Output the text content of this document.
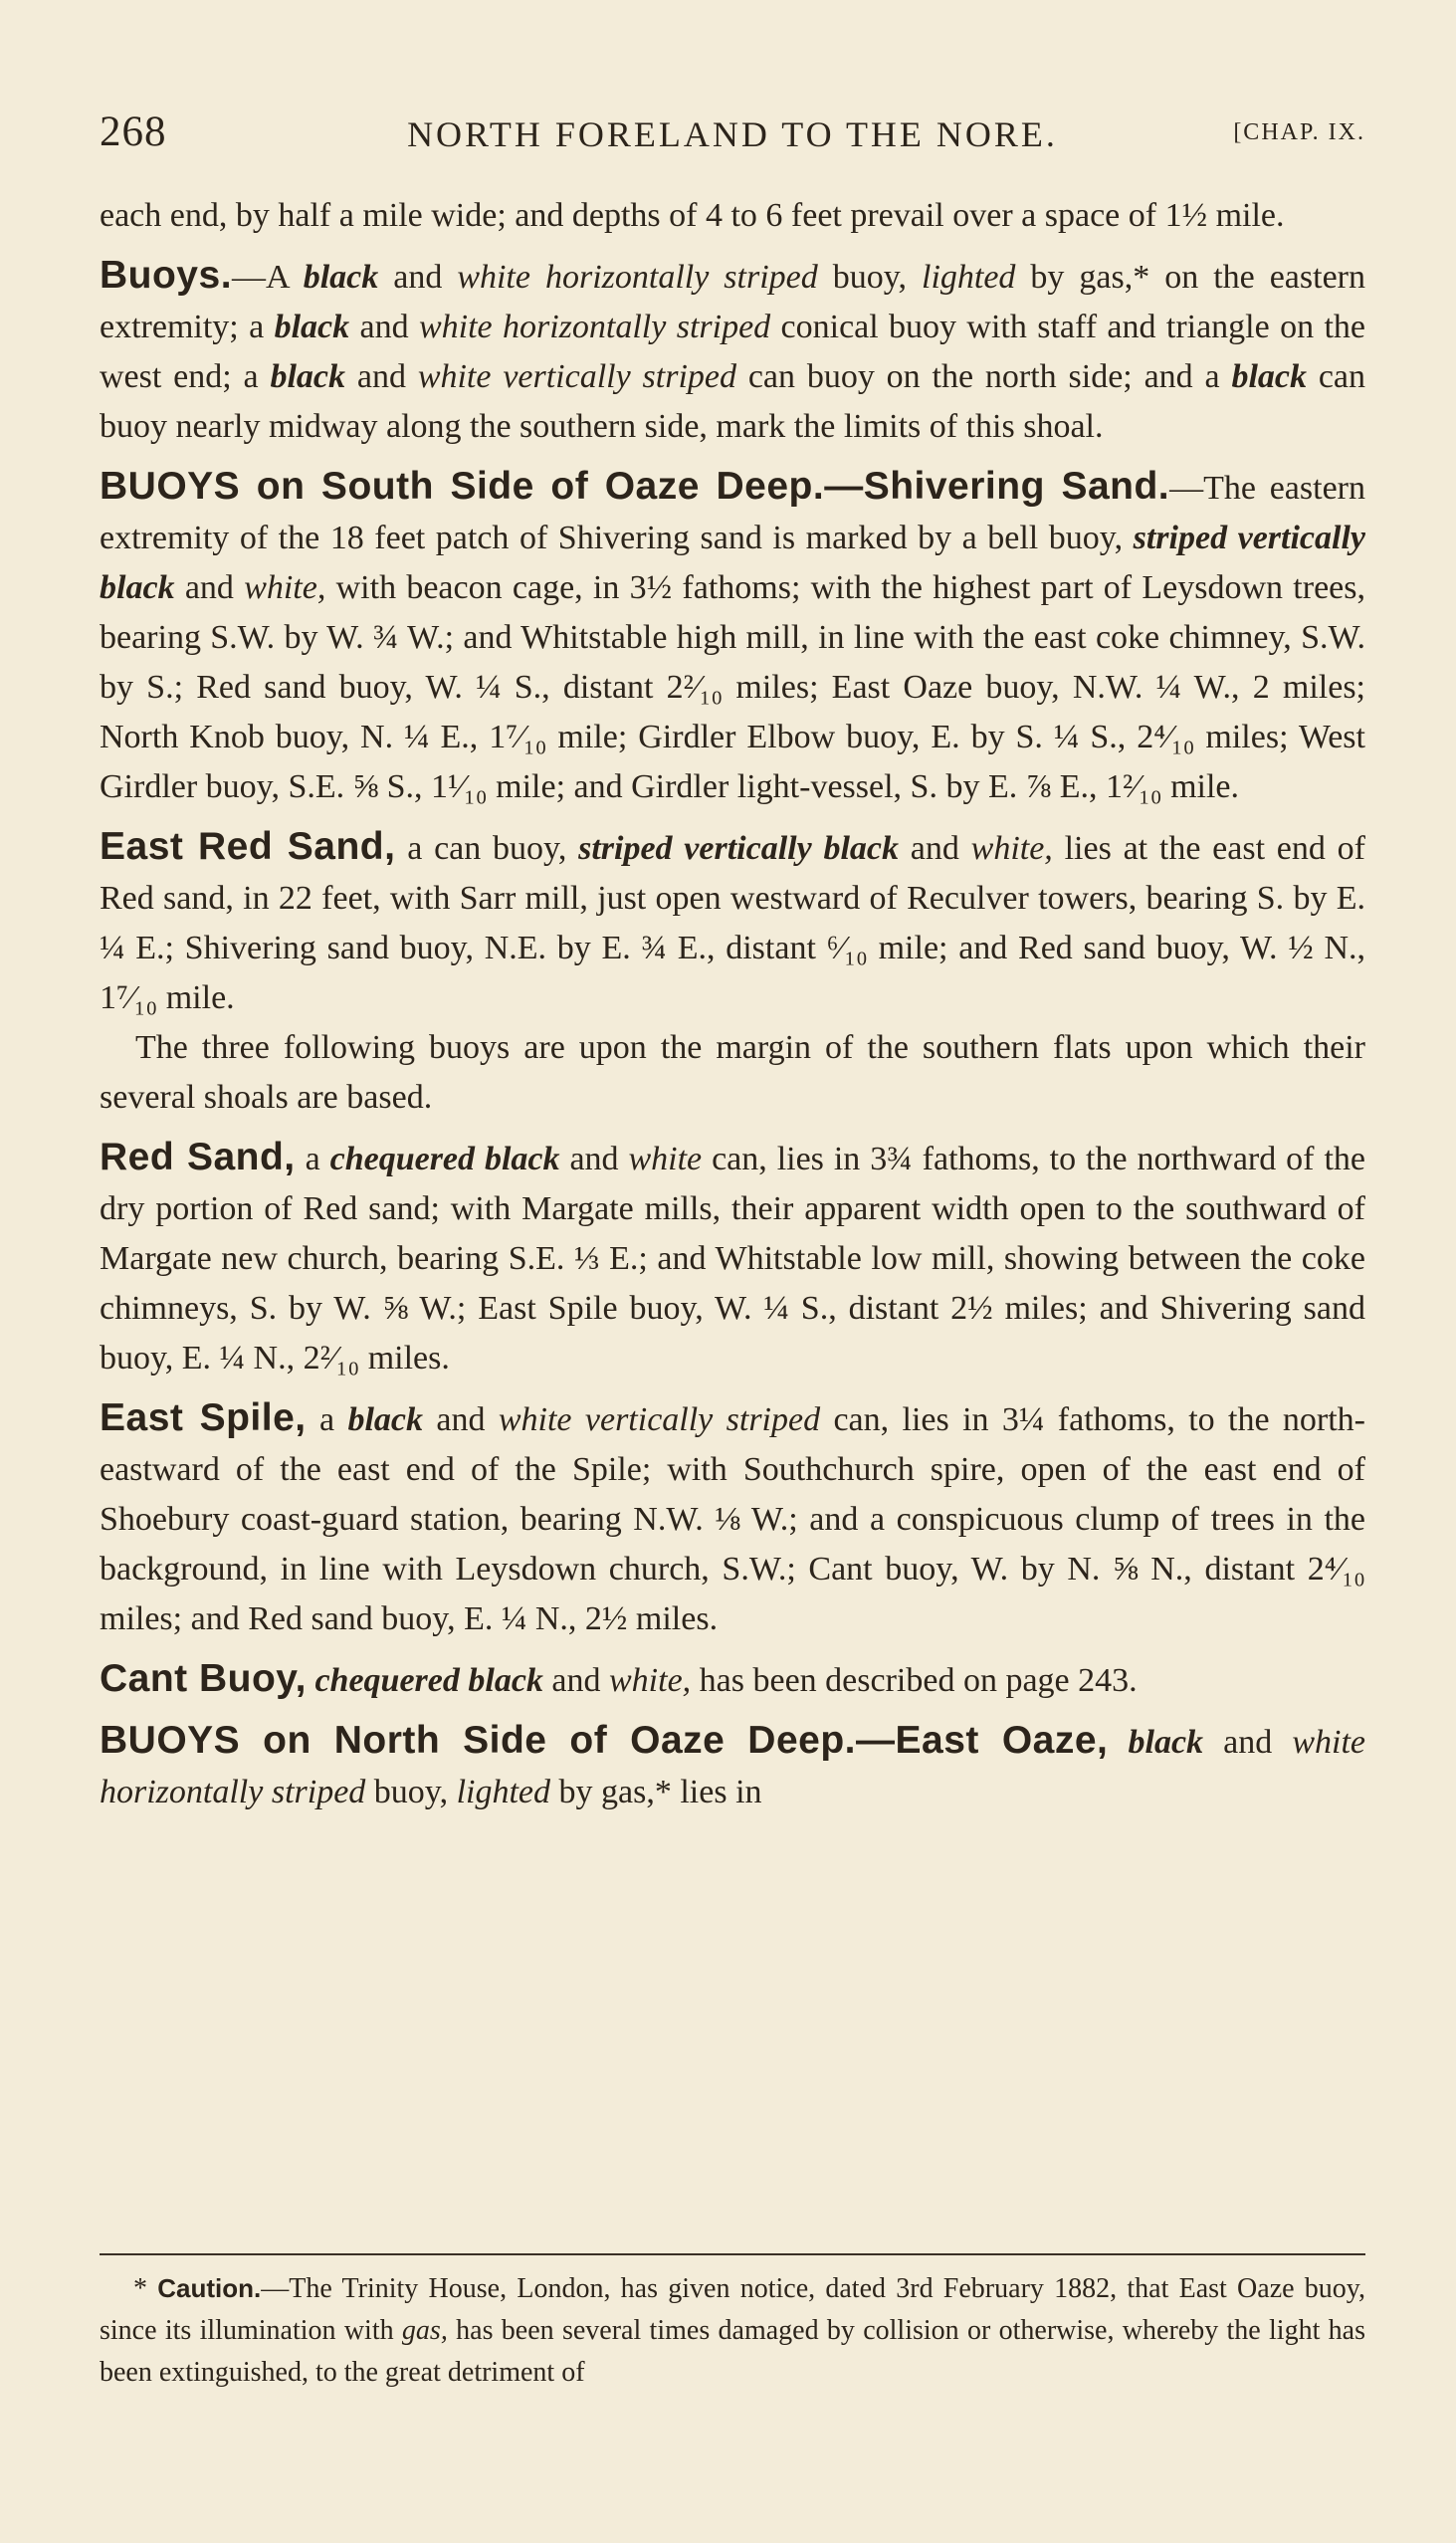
268	NORTH FORELAND TO THE NORE.	[CHAP. IX.

each end, by half a mile wide; and depths of 4 to 6 feet prevail over a space of 1½ mile.

Buoys.—A black and white horizontally striped buoy, lighted by gas,* on the eastern extremity; a black and white horizontally striped conical buoy with staff and triangle on the west end; a black and white vertically striped can buoy on the north side; and a black can buoy nearly midway along the southern side, mark the limits of this shoal.

BUOYS on South Side of Oaze Deep.—Shivering Sand.—The eastern extremity of the 18 feet patch of Shivering sand is marked by a bell buoy, striped vertically black and white, with beacon cage, in 3½ fathoms; with the highest part of Leysdown trees, bearing S.W. by W. ¾ W.; and Whitstable high mill, in line with the east coke chimney, S.W. by S.; Red sand buoy, W. ¼ S., distant 2²⁄₁₀ miles; East Oaze buoy, N.W. ¼ W., 2 miles; North Knob buoy, N. ¼ E., 1⁷⁄₁₀ mile; Girdler Elbow buoy, E. by S. ¼ S., 2⁴⁄₁₀ miles; West Girdler buoy, S.E. ⅝ S., 1¹⁄₁₀ mile; and Girdler light-vessel, S. by E. ⅞ E., 1²⁄₁₀ mile.

East Red Sand, a can buoy, striped vertically black and white, lies at the east end of Red sand, in 22 feet, with Sarr mill, just open westward of Reculver towers, bearing S. by E. ¼ E.; Shivering sand buoy, N.E. by E. ¾ E., distant ⁶⁄₁₀ mile; and Red sand buoy, W. ½ N., 1⁷⁄₁₀ mile.

The three following buoys are upon the margin of the southern flats upon which their several shoals are based.

Red Sand, a chequered black and white can, lies in 3¾ fathoms, to the northward of the dry portion of Red sand; with Margate mills, their apparent width open to the southward of Margate new church, bearing S.E. ⅓ E.; and Whitstable low mill, showing between the coke chimneys, S. by W. ⅝ W.; East Spile buoy, W. ¼ S., distant 2½ miles; and Shivering sand buoy, E. ¼ N., 2²⁄₁₀ miles.

East Spile, a black and white vertically striped can, lies in 3¼ fathoms, to the north-eastward of the east end of the Spile; with Southchurch spire, open of the east end of Shoebury coast-guard station, bearing N.W. ⅛ W.; and a conspicuous clump of trees in the background, in line with Leysdown church, S.W.; Cant buoy, W. by N. ⅝ N., distant 2⁴⁄₁₀ miles; and Red sand buoy, E. ¼ N., 2½ miles.

Cant Buoy, chequered black and white, has been described on page 243.

BUOYS on North Side of Oaze Deep.—East Oaze, black and white horizontally striped buoy, lighted by gas,* lies in

* Caution.—The Trinity House, London, has given notice, dated 3rd February 1882, that East Oaze buoy, since its illumination with gas, has been several times damaged by collision or otherwise, whereby the light has been extinguished, to the great detriment of
